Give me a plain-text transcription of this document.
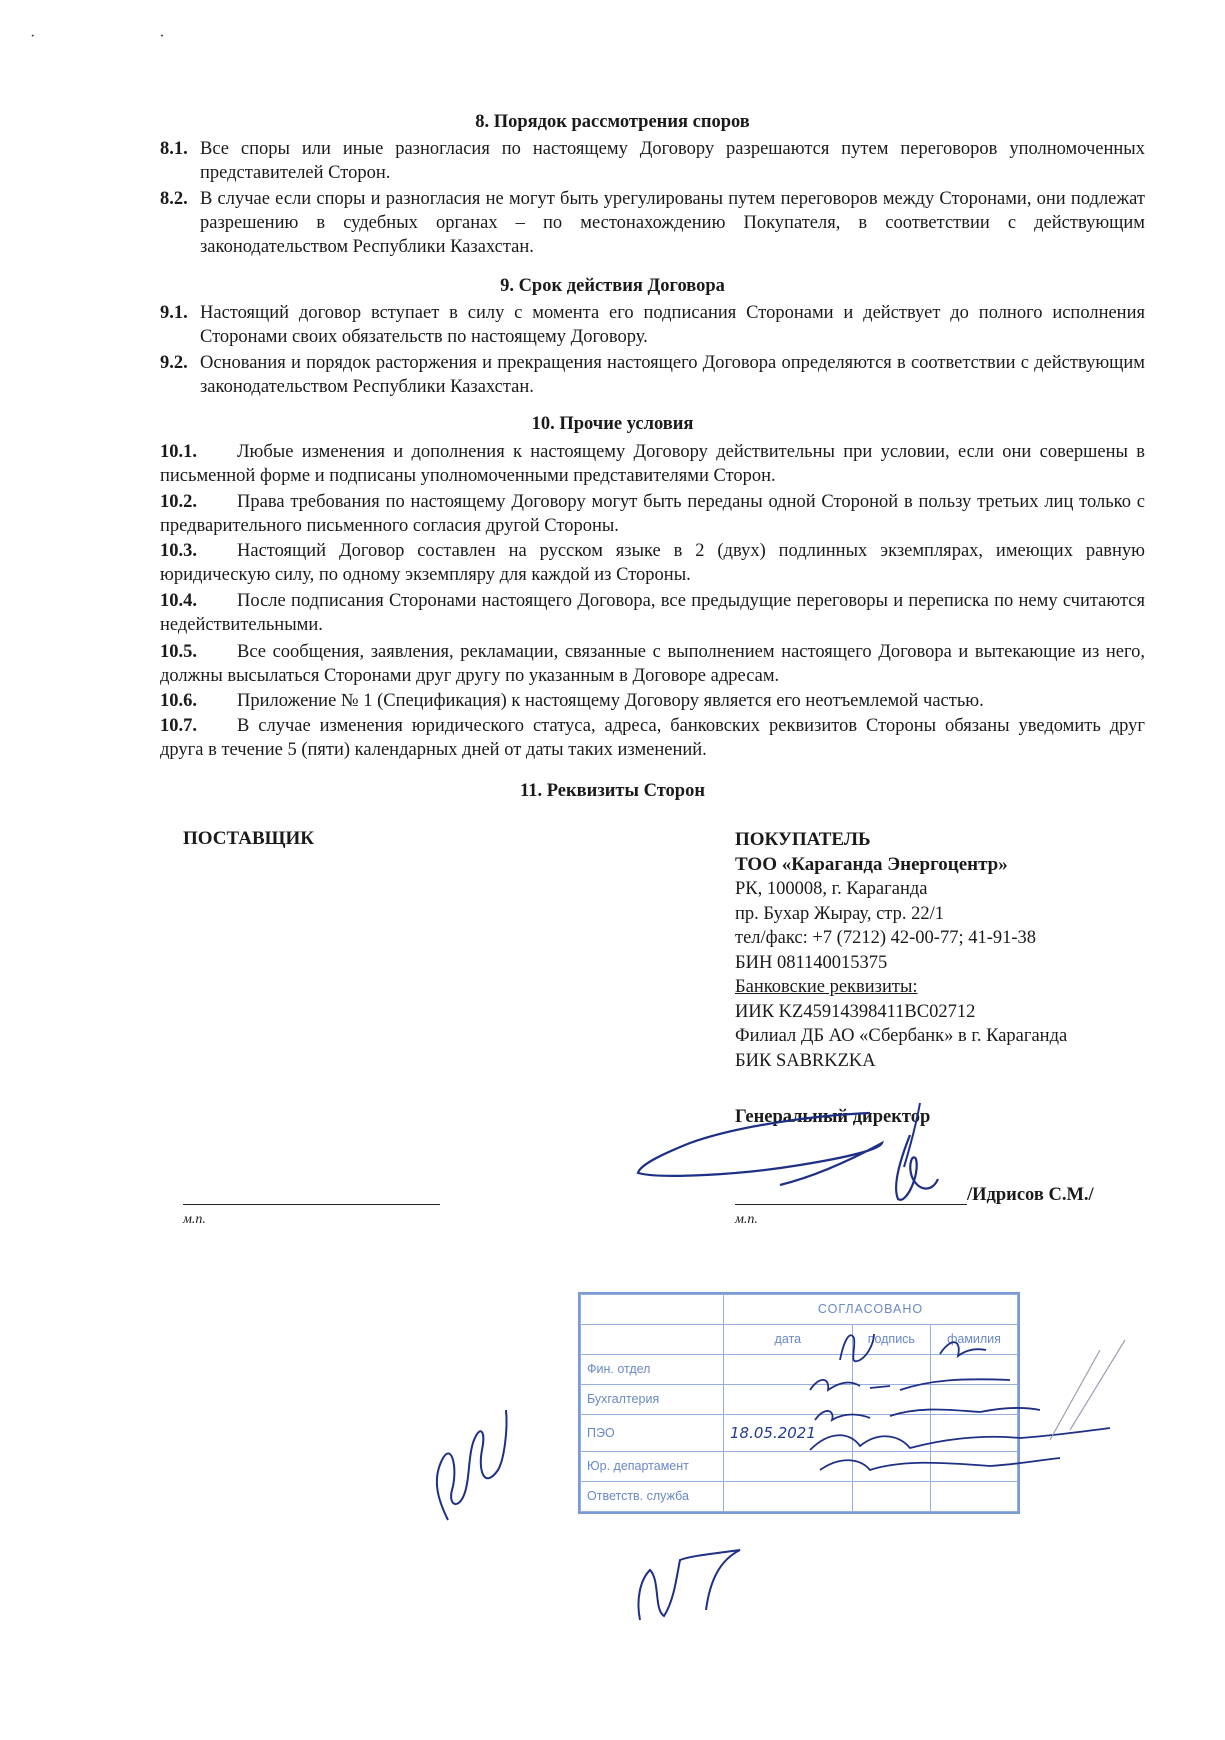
· ·
8. Порядок рассмотрения споров
8.1. Все споры или иные разногласия по настоящему Договору разрешаются путем переговоров уполномоченных представителей Сторон.
8.2. В случае если споры и разногласия не могут быть урегулированы путем переговоров между Сторонами, они подлежат разрешению в судебных органах – по местонахождению Покупателя, в соответствии с действующим законодательством Республики Казахстан.
9. Срок действия Договора
9.1. Настоящий договор вступает в силу с момента его подписания Сторонами и действует до полного исполнения Сторонами своих обязательств по настоящему Договору.
9.2. Основания и порядок расторжения и прекращения настоящего Договора определяются в соответствии с действующим законодательством Республики Казахстан.
10. Прочие условия
10.1.	Любые изменения и дополнения к настоящему Договору действительны при условии, если они совершены в письменной форме и подписаны уполномоченными представителями Сторон.
10.2.	Права требования по настоящему Договору могут быть переданы одной Стороной в пользу третьих лиц только с предварительного письменного согласия другой Стороны.
10.3.	Настоящий Договор составлен на русском языке в 2 (двух) подлинных экземплярах, имеющих равную юридическую силу, по одному экземпляру для каждой из Стороны.
10.4.	После подписания Сторонами настоящего Договора, все предыдущие переговоры и переписка по нему считаются недействительными.
10.5.	Все сообщения, заявления, рекламации, связанные с выполнением настоящего Договора и вытекающие из него, должны высылаться Сторонами друг другу по указанным в Договоре адресам.
10.6.	Приложение № 1 (Спецификация) к настоящему Договору является его неотъемлемой частью.
10.7.	В случае изменения юридического статуса, адреса, банковских реквизитов Стороны обязаны уведомить друг друга в течение 5 (пяти) календарных дней от даты таких изменений.
11. Реквизиты Сторон
ПОСТАВЩИК	ПОКУПАТЕЛЬ
ТОО «Караганда Энергоцентр»
РК, 100008, г. Караганда
пр. Бухар Жырау, стр. 22/1
тел/факс: +7 (7212) 42-00-77; 41-91-38
БИН 081140015375
Банковские реквизиты:
ИИК KZ45914398411BC02712
Филиал ДБ АО «Сбербанк» в г. Караганда
БИК SABRKZKA
Генеральный директор
м.п.
/Идрисов С.М./
м.п.
	СОГЛАСОВАНО		
	дата	подпись	фамилия
Фин. отдел			
Бухгалтерия			
ПЭО	18.05.2021		
Юр. департамент			
Ответств. служба			
